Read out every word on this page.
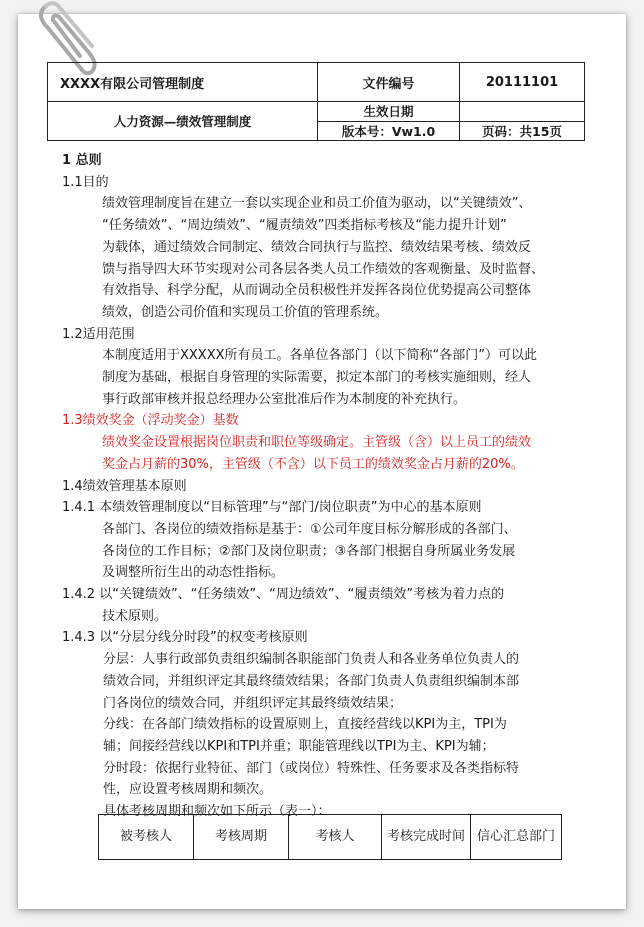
XXXX有限公司管理制度	文件编号	20111101
人力资源—绩效管理制度	生效日期	
	版本号：Vw1.0	页码：共15页
1 总则
1.1目的
绩效管理制度旨在建立一套以实现企业和员工价值为驱动，以“关键绩效”、
“任务绩效”、“周边绩效”、“履责绩效”四类指标考核及“能力提升计划”
为载体，通过绩效合同制定、绩效合同执行与监控、绩效结果考核、绩效反
馈与指导四大环节实现对公司各层各类人员工作绩效的客观衡量、及时监督、
有效指导、科学分配，从而调动全员积极性并发挥各岗位优势提高公司整体
绩效，创造公司价值和实现员工价值的管理系统。
1.2适用范围
本制度适用于XXXXX所有员工。各单位各部门（以下简称“各部门”）可以此
制度为基础，根据自身管理的实际需要，拟定本部门的考核实施细则，经人
事行政部审核并报总经理办公室批准后作为本制度的补充执行。
1.3绩效奖金（浮动奖金）基数
绩效奖金设置根据岗位职责和职位等级确定。主管级（含）以上员工的绩效
奖金占月薪的30%，主管级（不含）以下员工的绩效奖金占月薪的20%。
1.4绩效管理基本原则
1.4.1 本绩效管理制度以“目标管理”与“部门/岗位职责”为中心的基本原则
各部门、各岗位的绩效指标是基于：①公司年度目标分解形成的各部门、
各岗位的工作目标；②部门及岗位职责；③各部门根据自身所属业务发展
及调整所衍生出的动态性指标。
1.4.2 以“关键绩效”、“任务绩效”、“周边绩效”、“履责绩效”考核为着力点的
技术原则。
1.4.3 以“分层分线分时段”的权变考核原则
分层：人事行政部负责组织编制各职能部门负责人和各业务单位负责人的
绩效合同，并组织评定其最终绩效结果；各部门负责人负责组织编制本部
门各岗位的绩效合同，并组织评定其最终绩效结果；
分线：在各部门绩效指标的设置原则上，直接经营线以KPI为主，TPI为
辅；间接经营线以KPI和TPI并重；职能管理线以TPI为主、KPI为辅；
分时段：依据行业特征、部门（或岗位）特殊性、任务要求及各类指标特
性，应设置考核周期和频次。
具体考核周期和频次如下所示（表一）：
被考核人	考核周期	考核人	考核完成时间	信心汇总部门
